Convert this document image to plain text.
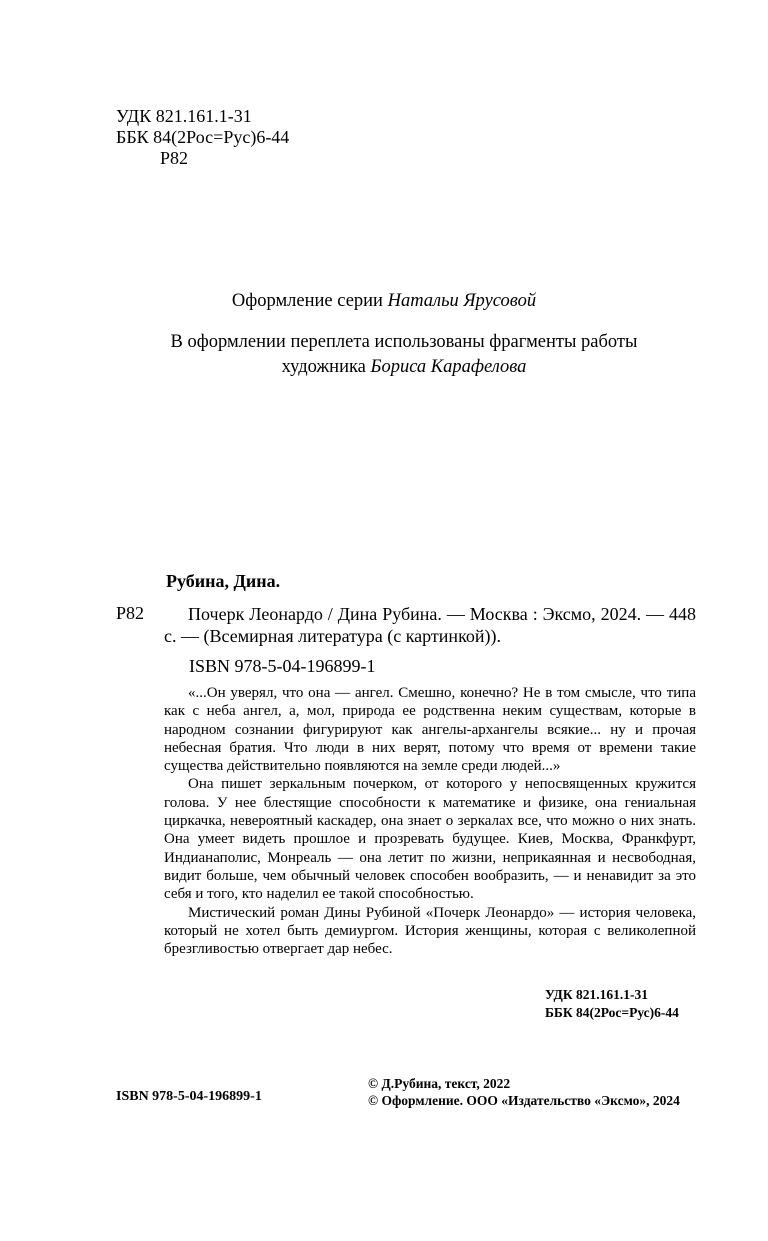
УДК 821.161.1-31
ББК 84(2Рос=Рус)6-44
Р82
Оформление серии Натальи Ярусовой
В оформлении переплета использованы фрагменты работы
художника Бориса Карафелова
Рубина, Дина.
Р82	Почерк Леонардо / Дина Рубина. — Москва : Эксмо, 2024. — 448 с. — (Всемирная литература (с картинкой)).
ISBN 978-5-04-196899-1

«...Он уверял, что она — ангел. Смешно, конечно? Не в том смысле, что типа как с неба ангел, а, мол, природа ее родственна неким существам, которые в народном сознании фигурируют как ангелы-архангелы всякие... ну и прочая небесная братия. Что люди в них верят, потому что время от времени такие существа действительно появляются на земле среди людей...»

Она пишет зеркальным почерком, от которого у непосвященных кружится голова. У нее блестящие способности к математике и физике, она гениальная циркачка, невероятный каскадер, она знает о зеркалах все, что можно о них знать. Она умеет видеть прошлое и прозревать будущее. Киев, Москва, Франкфурт, Индианаполис, Монреаль — она летит по жизни, неприкаянная и несвободная, видит больше, чем обычный человек способен вообразить, — и ненавидит за это себя и того, кто наделил ее такой способностью.

Мистический роман Дины Рубиной «Почерк Леонардо» — история человека, который не хотел быть демиургом. История женщины, которая с великолепной брезгливостью отвергает дар небес.

УДК 821.161.1-31
ББК 84(2Рос=Рус)6-44
ISBN 978-5-04-196899-1
© Д.Рубина, текст, 2022
© Оформление. ООО «Издательство «Эксмо», 2024
